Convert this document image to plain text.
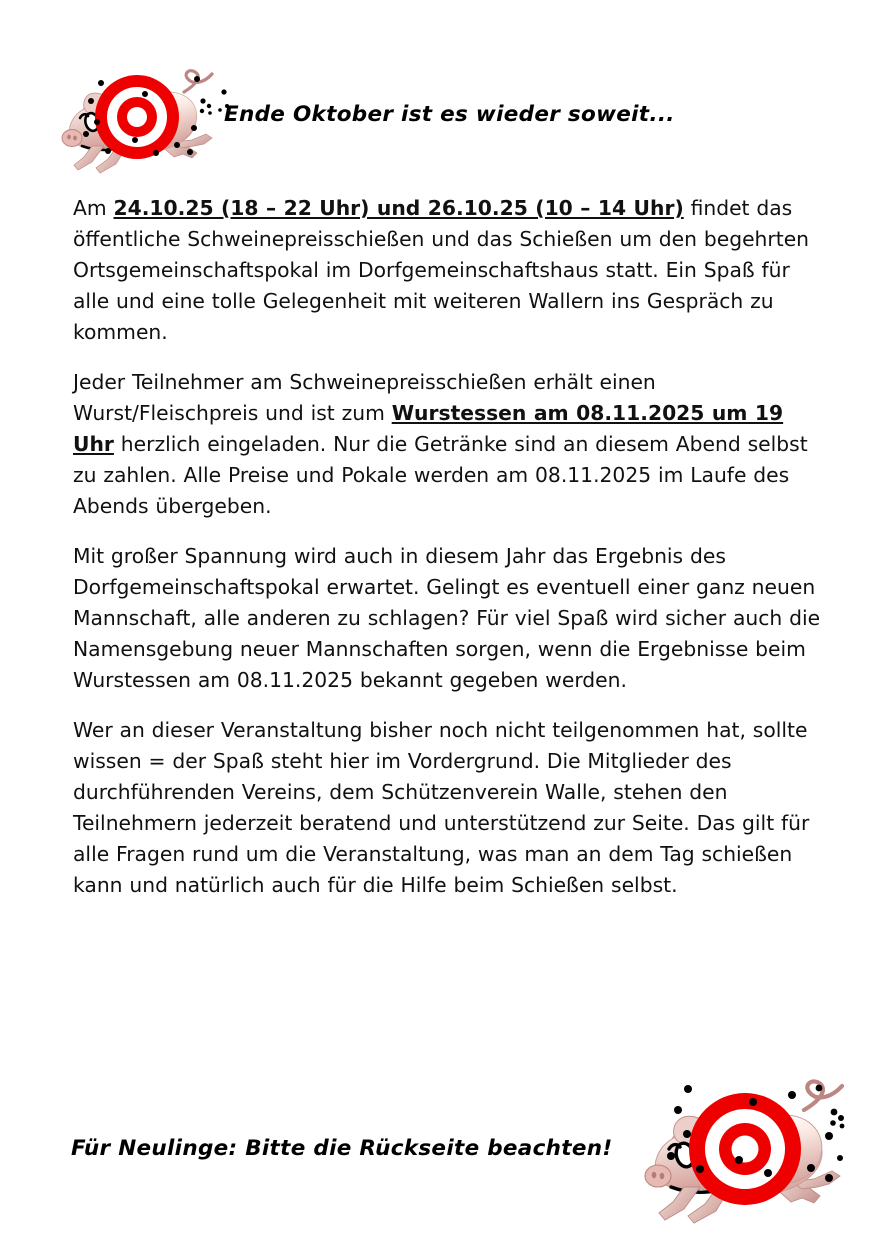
Ende Oktober ist es wieder soweit...

Am 24.10.25 (18 – 22 Uhr) und 26.10.25 (10 – 14 Uhr) findet das öffentliche Schweinepreisschießen und das Schießen um den begehrten Ortsgemeinschaftspokal im Dorfgemeinschaftshaus statt. Ein Spaß für alle und eine tolle Gelegenheit mit weiteren Wallern ins Gespräch zu kommen.

Jeder Teilnehmer am Schweinepreisschießen erhält einen Wurst/Fleischpreis und ist zum Wurstessen am 08.11.2025 um 19 Uhr herzlich eingeladen. Nur die Getränke sind an diesem Abend selbst zu zahlen. Alle Preise und Pokale werden am 08.11.2025 im Laufe des Abends übergeben.

Mit großer Spannung wird auch in diesem Jahr das Ergebnis des Dorfgemeinschaftspokal erwartet. Gelingt es eventuell einer ganz neuen Mannschaft, alle anderen zu schlagen? Für viel Spaß wird sicher auch die Namensgebung neuer Mannschaften sorgen, wenn die Ergebnisse beim Wurstessen am 08.11.2025 bekannt gegeben werden.

Wer an dieser Veranstaltung bisher noch nicht teilgenommen hat, sollte wissen = der Spaß steht hier im Vordergrund. Die Mitglieder des durchführenden Vereins, dem Schützenverein Walle, stehen den Teilnehmern jederzeit beratend und unterstützend zur Seite. Das gilt für alle Fragen rund um die Veranstaltung, was man an dem Tag schießen kann und natürlich auch für die Hilfe beim Schießen selbst.

Für Neulinge: Bitte die Rückseite beachten!
